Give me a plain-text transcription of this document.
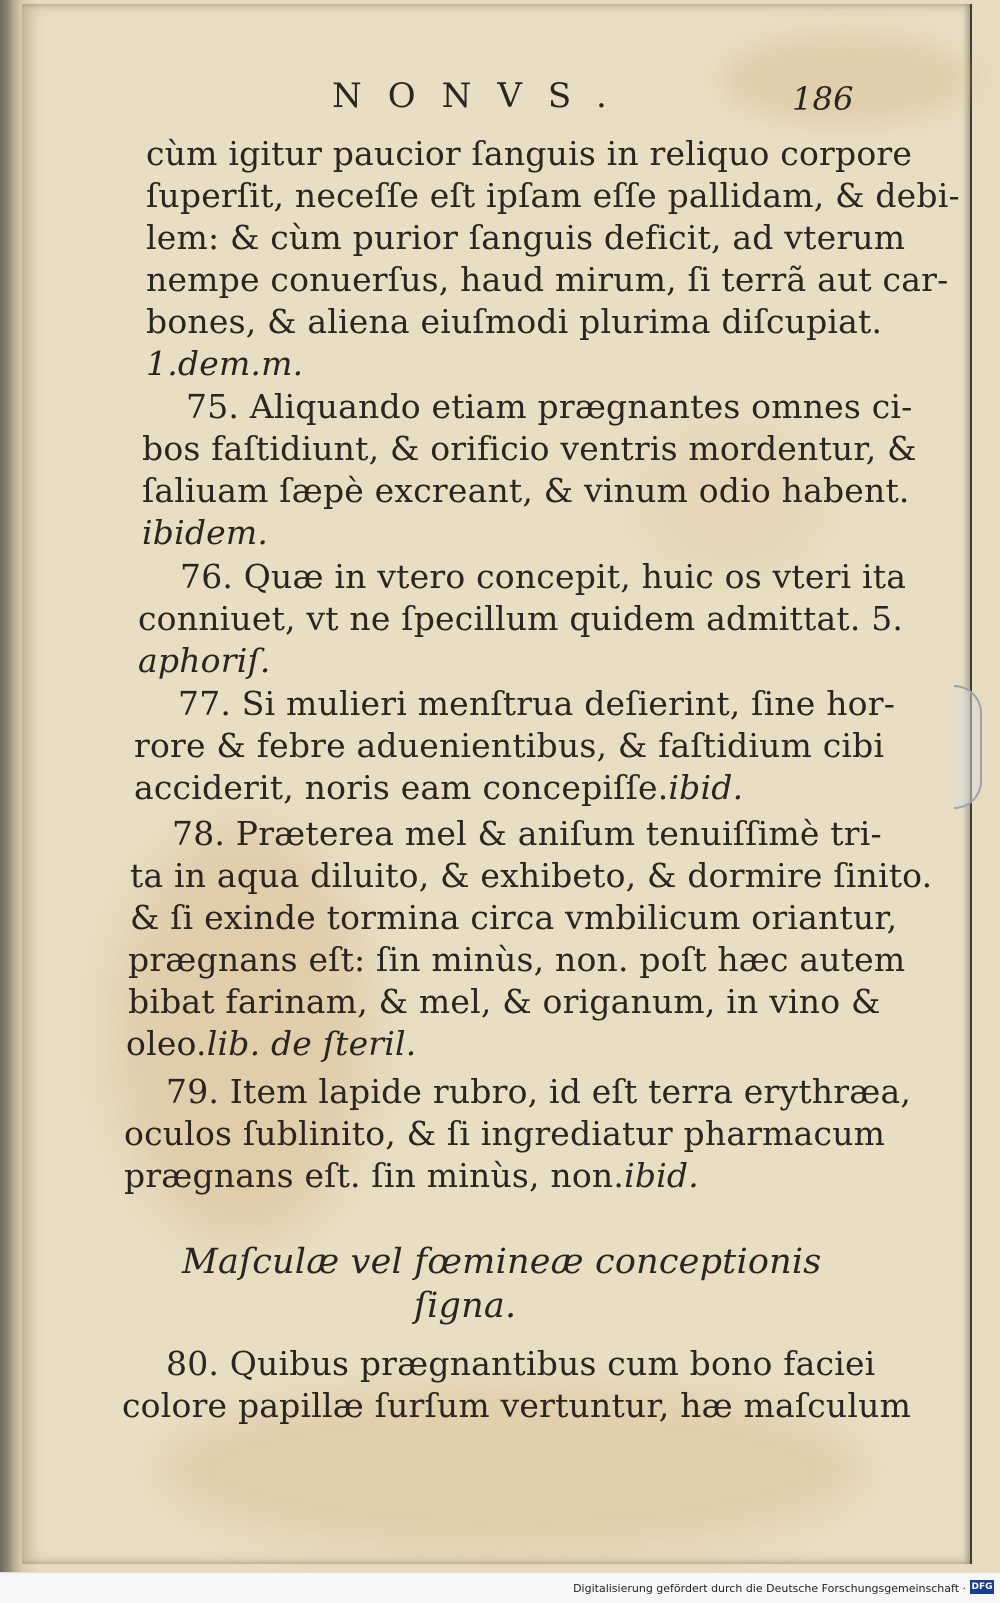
NONVS.	186
cùm igitur paucior ſanguis in reliquo corpore
ſuperſit, neceſſe eſt ipſam eſſe pallidam, & debi-
lem: & cùm purior ſanguis deficit, ad vterum
nempe conuerſus, haud mirum, ſi terrã aut car-
bones, & aliena eiuſmodi plurima diſcupiat.
1.dem.m.
75. Aliquando etiam prægnantes omnes ci-
bos faſtidiunt, & orificio ventris mordentur, &
ſaliuam ſæpè excreant, & vinum odio habent.
ibidem.
76. Quæ in vtero concepit, huic os vteri ita
conniuet, vt ne ſpecillum quidem admittat. 5.
aphoriſ.
77. Si mulieri menſtrua deſierint, ſine hor-
rore & febre aduenientibus, & faſtidium cibi
acciderit, noris eam concepiſſe.ibid.
78. Præterea mel & aniſum tenuiſſimè tri-
ta in aqua diluito, & exhibeto, & dormire ſinito.
& ſi exinde tormina circa vmbilicum oriantur,
prægnans eſt: ſin minùs, non. poſt hæc autem
bibat farinam, & mel, & origanum, in vino &
oleo.lib. de ſteril.
79. Item lapide rubro, id eſt terra erythræa,
oculos ſublinito, & ſi ingrediatur pharmacum
prægnans eſt. ſin minùs, non.ibid.
Maſculæ vel fœmineæ conceptionis
ſigna.
80. Quibus prægnantibus cum bono faciei
colore papillæ ſurſum vertuntur, hæ maſculum
Digitalisierung gefördert durch die Deutsche Forschungsgemeinschaft · DFG
